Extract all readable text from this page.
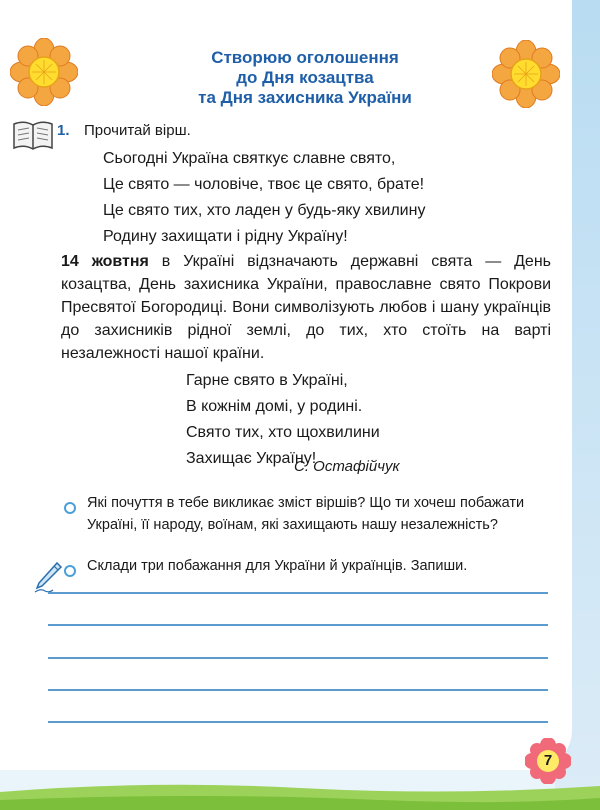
Створюю оголошення
до Дня козацтва
та Дня захисника України
1. Прочитай вірш.
Сьогодні Україна святкує славне свято,
Це свято — чоловіче, твоє це свято, брате!
Це свято тих, хто ладен у будь-яку хвилину
Родину захищати і рідну Україну!
14 жовтня в Україні відзначають державні свята — День козацтва, День захисника України, православне свято Покрови Пресвятої Богородиці. Вони символізують любов і шану українців до захисників рідної землі, до тих, хто стоїть на варті незалежності нашої країни.
Гарне свято в Україні,
В кожнім домі, у родині.
Свято тих, хто щохвилини
Захищає Україну!
С. Остафійчук
Які почуття в тебе викликає зміст віршів? Що ти хочеш побажати Україні, її народу, воїнам, які захищають нашу незалежність?
Склади три побажання для України й українців. Запиши.
7
